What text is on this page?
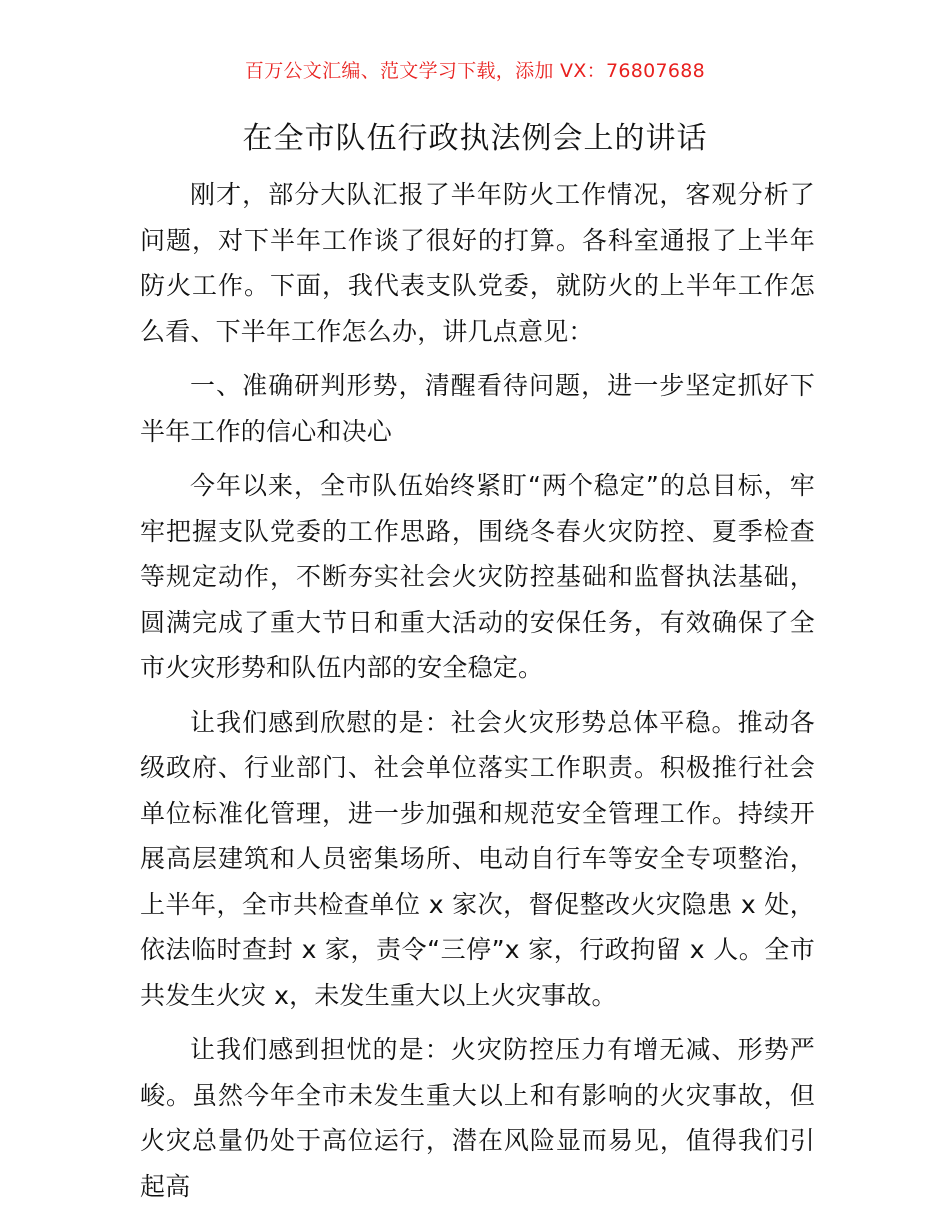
百万公文汇编、范文学习下载，添加 VX：76807688
在全市队伍行政执法例会上的讲话

刚才，部分大队汇报了半年防火工作情况，客观分析了问题，对下半年工作谈了很好的打算。各科室通报了上半年防火工作。下面，我代表支队党委，就防火的上半年工作怎么看、下半年工作怎么办，讲几点意见：

一、准确研判形势，清醒看待问题，进一步坚定抓好下半年工作的信心和决心

今年以来，全市队伍始终紧盯“两个稳定”的总目标，牢牢把握支队党委的工作思路，围绕冬春火灾防控、夏季检查等规定动作，不断夯实社会火灾防控基础和监督执法基础，圆满完成了重大节日和重大活动的安保任务，有效确保了全市火灾形势和队伍内部的安全稳定。

让我们感到欣慰的是：社会火灾形势总体平稳。推动各级政府、行业部门、社会单位落实工作职责。积极推行社会单位标准化管理，进一步加强和规范安全管理工作。持续开展高层建筑和人员密集场所、电动自行车等安全专项整治，上半年，全市共检查单位 x 家次，督促整改火灾隐患 x 处，依法临时查封 x 家，责令“三停”x 家，行政拘留 x 人。全市共发生火灾 x，未发生重大以上火灾事故。

让我们感到担忧的是：火灾防控压力有增无减、形势严峻。虽然今年全市未发生重大以上和有影响的火灾事故，但火灾总量仍处于高位运行，潜在风险显而易见，值得我们引起高
